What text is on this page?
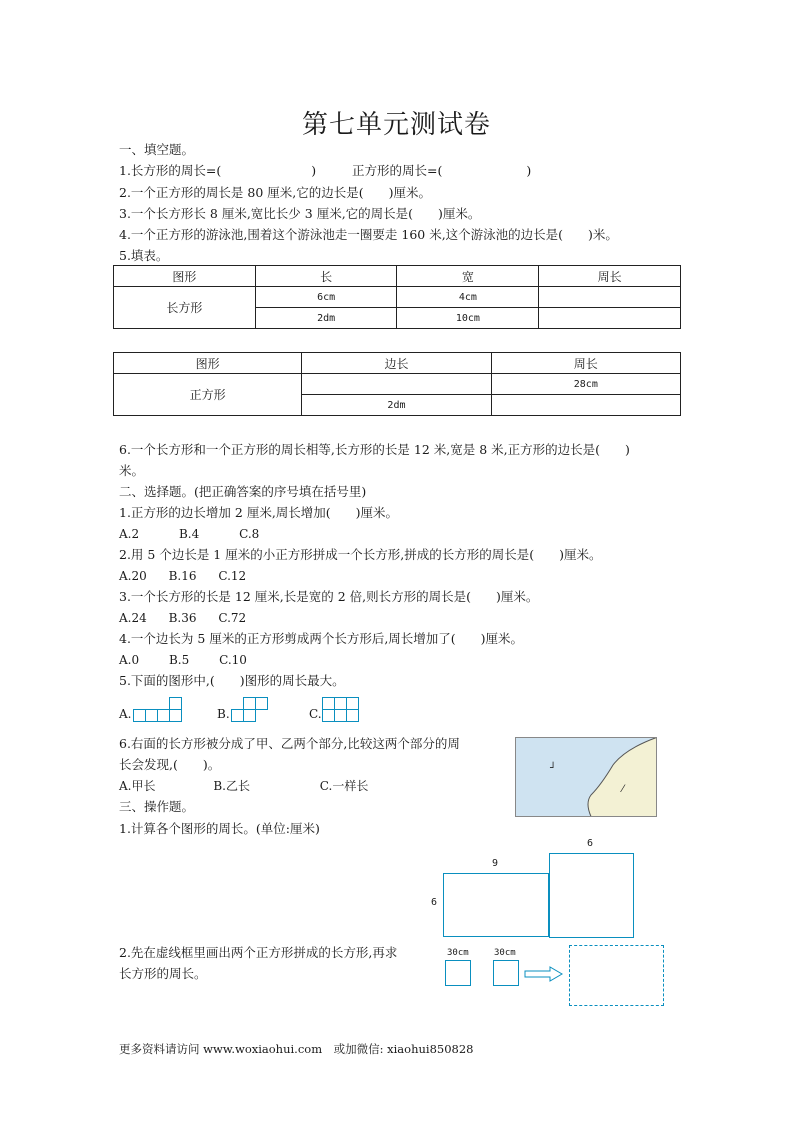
第七单元测试卷
一、填空题。
1.长方形的周长=(	)	正方形的周长=(	)
2.一个正方形的周长是 80 厘米,它的边长是(　　)厘米。
3.一个长方形长 8 厘米,宽比长少 3 厘米,它的周长是(　　)厘米。
4.一个正方形的游泳池,围着这个游泳池走一圈要走 160 米,这个游泳池的边长是(　　)米。
5.填表。
图形	长	宽	周长
长方形	6cm	4cm	
	2dm	10cm	
图形	边长	周长
正方形		28cm
	2dm	
6.一个长方形和一个正方形的周长相等,长方形的长是 12 米,宽是 8 米,正方形的边长是(　　)
米。
二、选择题。(把正确答案的序号填在括号里)
1.正方形的边长增加 2 厘米,周长增加(　　)厘米。
A.2	B.4	C.8
2.用 5 个边长是 1 厘米的小正方形拼成一个长方形,拼成的长方形的周长是(　　)厘米。
A.20 B.16 C.12
3.一个长方形的长是 12 厘米,长是宽的 2 倍,则长方形的周长是(　　)厘米。
A.24 B.36 C.72
4.一个边长为 5 厘米的正方形剪成两个长方形后,周长增加了(　　)厘米。
A.0 B.5 C.10
5.下面的图形中,(　　)图形的周长最大。
A.	B.	C.
6.右面的长方形被分成了甲、乙两个部分,比较这两个部分的周
长会发现,(　　)。
A.甲长	B.乙长	C.一样长
┘
⁄
三、操作题。
1.计算各个图形的周长。(单位:厘米)
9
6
6
2.先在虚线框里画出两个正方形拼成的长方形,再求
长方形的周长。
30cm	30cm
更多资料请访问 www.woxiaohui.com　或加微信: xiaohui850828
